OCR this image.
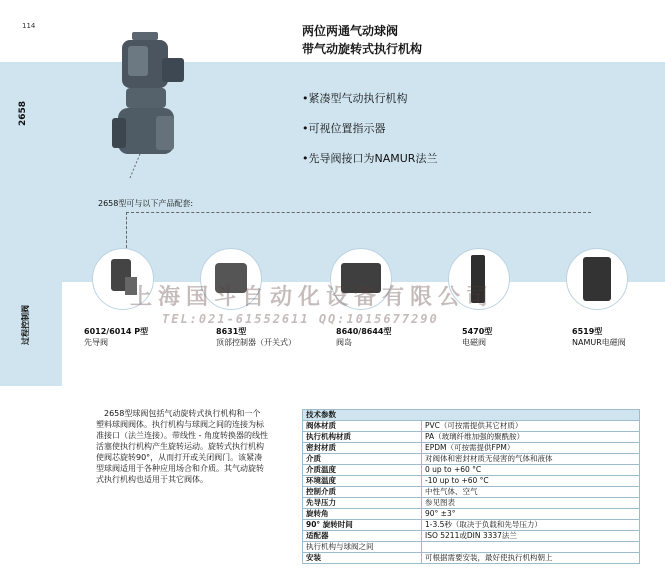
114
2658
过程控制阀
两位两通气动球阀
带气动旋转式执行机构
• 紧凑型气动执行机构
• 可视位置指示器
• 先导阀接口为NAMUR法兰
2658型可与以下产品配套:
6012/6014 P型
先导阀
8631型
顶部控制器（开关式）
8640/8644型
阀岛
5470型
电磁阀
6519型
NAMUR电磁阀
上海国斗自动化设备有限公司
TEL:021-61552611 QQ:1015677290
2658型球阀包括气动旋转式执行机构和一个塑料球阀阀体。执行机构与球阀之间的连接为标准接口（法兰连接）。带线性 - 角度转换器的线性活塞使执行机构产生旋转运动。旋转式执行机构使阀芯旋转90°，从而打开或关闭阀门。该紧凑型球阀适用于各种应用场合和介质。其气动旋转式执行机构也适用于其它阀体。
技术参数	
阀体材质	PVC（可按需提供其它材质）
执行机构材质	PA（玻璃纤维加强的聚酰胺）
密封材质	EPDM（可按需提供FPM）
介质	对阀体和密封材质无侵害的气体和液体
介质温度	0 up to +60 °C
环境温度	-10 up to +60 °C
控制介质	中性气体、空气
先导压力	参见图表
旋转角	90° ±3°
90° 旋转时间	1-3.5秒（取决于负载和先导压力）
适配器	ISO 5211或DIN 3337法兰
执行机构与球阀之间	
安装	可根据需要安装，最好使执行机构朝上
